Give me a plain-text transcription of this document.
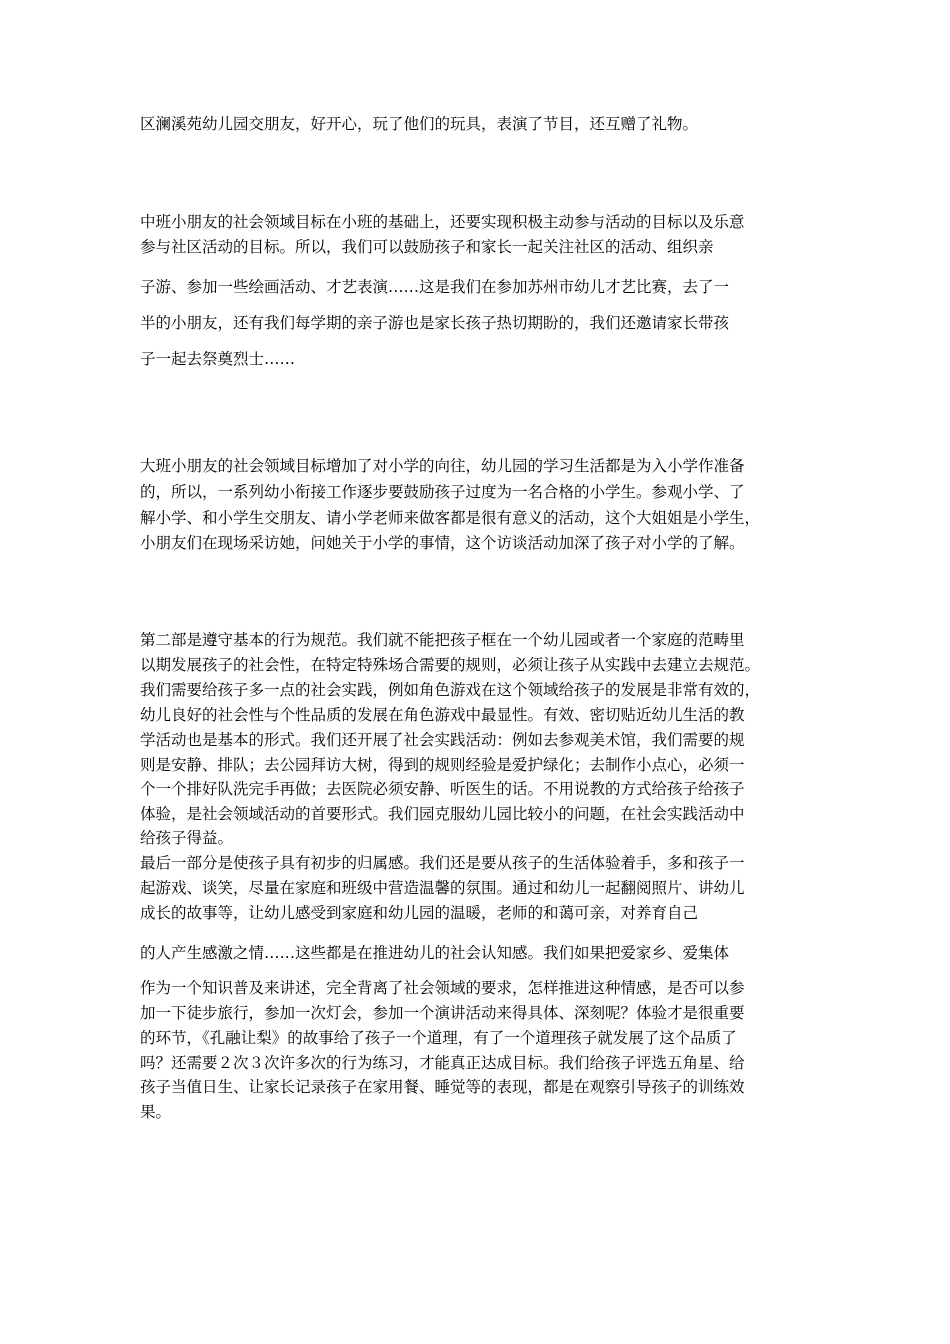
区澜溪苑幼儿园交朋友，好开心，玩了他们的玩具，表演了节目，还互赠了礼物。
中班小朋友的社会领域目标在小班的基础上，还要实现积极主动参与活动的目标以及乐意
参与社区活动的目标。所以，我们可以鼓励孩子和家长一起关注社区的活动、组织亲
子游、参加一些绘画活动、才艺表演……这是我们在参加苏州市幼儿才艺比赛，去了一
半的小朋友，还有我们每学期的亲子游也是家长孩子热切期盼的，我们还邀请家长带孩
子一起去祭奠烈士……
大班小朋友的社会领域目标增加了对小学的向往，幼儿园的学习生活都是为入小学作准备
的，所以，一系列幼小衔接工作逐步要鼓励孩子过度为一名合格的小学生。参观小学、了
解小学、和小学生交朋友、请小学老师来做客都是很有意义的活动，这个大姐姐是小学生，
小朋友们在现场采访她，问她关于小学的事情，这个访谈活动加深了孩子对小学的了解。
第二部是遵守基本的行为规范。我们就不能把孩子框在一个幼儿园或者一个家庭的范畴里
以期发展孩子的社会性，在特定特殊场合需要的规则，必须让孩子从实践中去建立去规范。
我们需要给孩子多一点的社会实践，例如角色游戏在这个领域给孩子的发展是非常有效的，
幼儿良好的社会性与个性品质的发展在角色游戏中最显性。有效、密切贴近幼儿生活的教
学活动也是基本的形式。我们还开展了社会实践活动：例如去参观美术馆，我们需要的规
则是安静、排队；去公园拜访大树，得到的规则经验是爱护绿化；去制作小点心，必须一
个一个排好队洗完手再做；去医院必须安静、听医生的话。不用说教的方式给孩子给孩子
体验，是社会领域活动的首要形式。我们园克服幼儿园比较小的问题，在社会实践活动中
给孩子得益。
最后一部分是使孩子具有初步的归属感。我们还是要从孩子的生活体验着手，多和孩子一
起游戏、谈笑，尽量在家庭和班级中营造温馨的氛围。通过和幼儿一起翻阅照片、讲幼儿
成长的故事等，让幼儿感受到家庭和幼儿园的温暖，老师的和蔼可亲，对养育自己
的人产生感激之情……这些都是在推进幼儿的社会认知感。我们如果把爱家乡、爱集体
作为一个知识普及来讲述，完全背离了社会领域的要求，怎样推进这种情感，是否可以参
加一下徒步旅行，参加一次灯会，参加一个演讲活动来得具体、深刻呢？体验才是很重要
的环节，《孔融让梨》的故事给了孩子一个道理，有了一个道理孩子就发展了这个品质了
吗？还需要２次３次许多次的行为练习，才能真正达成目标。我们给孩子评选五角星、给
孩子当值日生、让家长记录孩子在家用餐、睡觉等的表现，都是在观察引导孩子的训练效
果。
